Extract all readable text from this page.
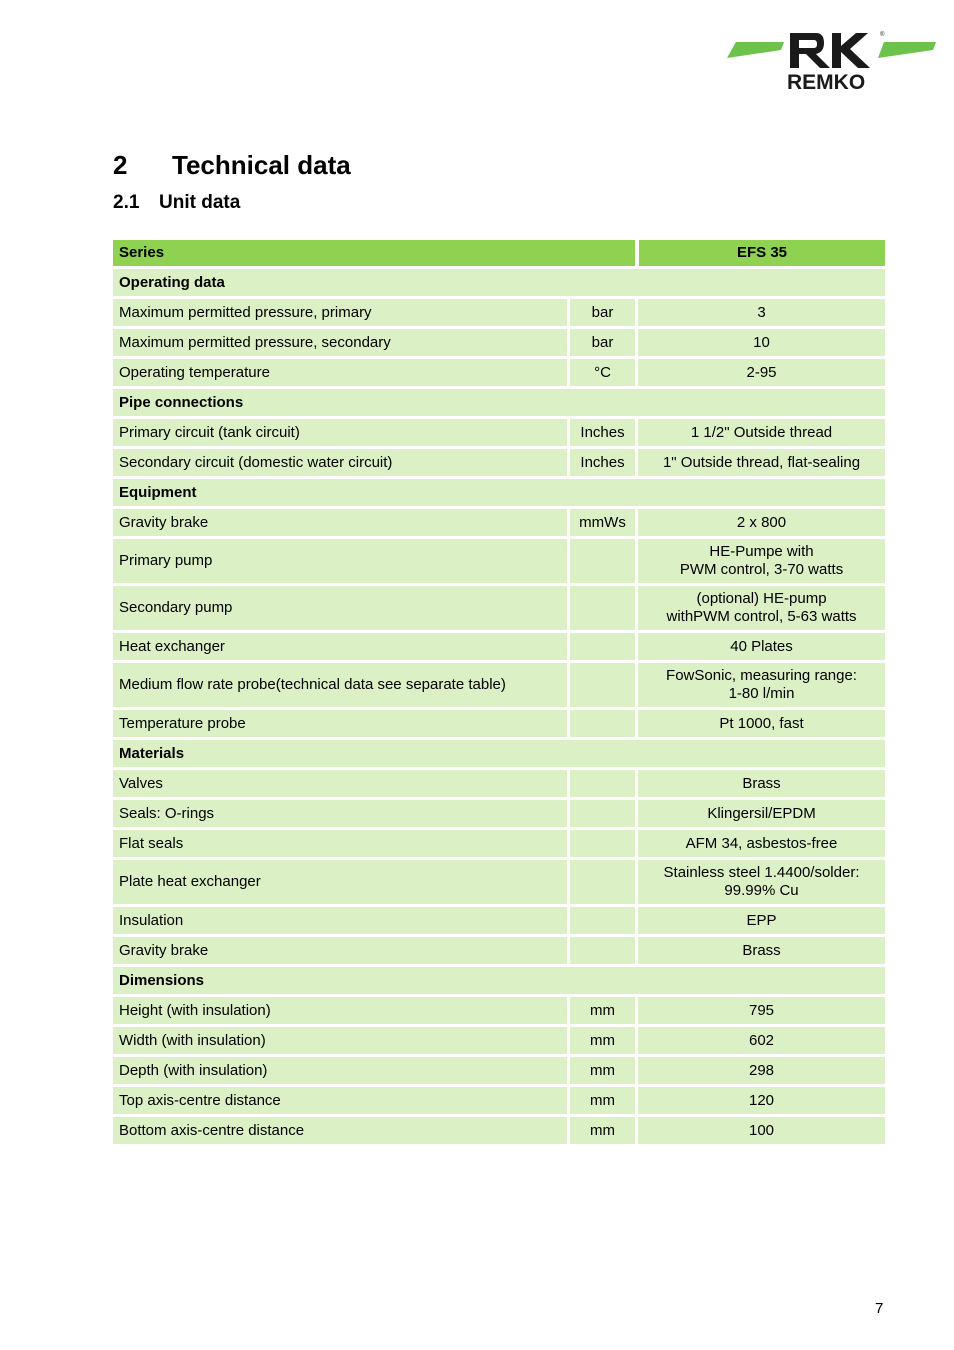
®
REMKO
2 Technical data
2.1 Unit data
Series		EFS 35
Operating data		
Maximum permitted pressure, primary	bar	3

Maximum permitted pressure, secondary	bar	10

Operating temperature	°C	2-95

Pipe connections		
Primary circuit (tank circuit)	Inches	1 1/2" Outside thread

Secondary circuit (domestic water circuit)	Inches	1" Outside thread, flat-sealing

Equipment		
Gravity brake	mmWs	2 x 800

Primary pump		HE-Pumpe with
PWM control, 3-70 watts

Secondary pump		(optional) HE-pump
withPWM control, 5-63 watts

Heat exchanger		40 Plates

Medium flow rate probe(technical data see separate table)		FowSonic, measuring range:
1-80 l/min

Temperature probe		Pt 1000, fast

Materials		
Valves		Brass

Seals: O-rings		Klingersil/EPDM

Flat seals		AFM 34, asbestos-free

Plate heat exchanger		Stainless steel 1.4400/solder:
99.99% Cu

Insulation		EPP

Gravity brake		Brass

Dimensions		
Height (with insulation)	mm	795

Width (with insulation)	mm	602

Depth (with insulation)	mm	298

Top axis-centre distance	mm	120

Bottom axis-centre distance	mm	100
7
